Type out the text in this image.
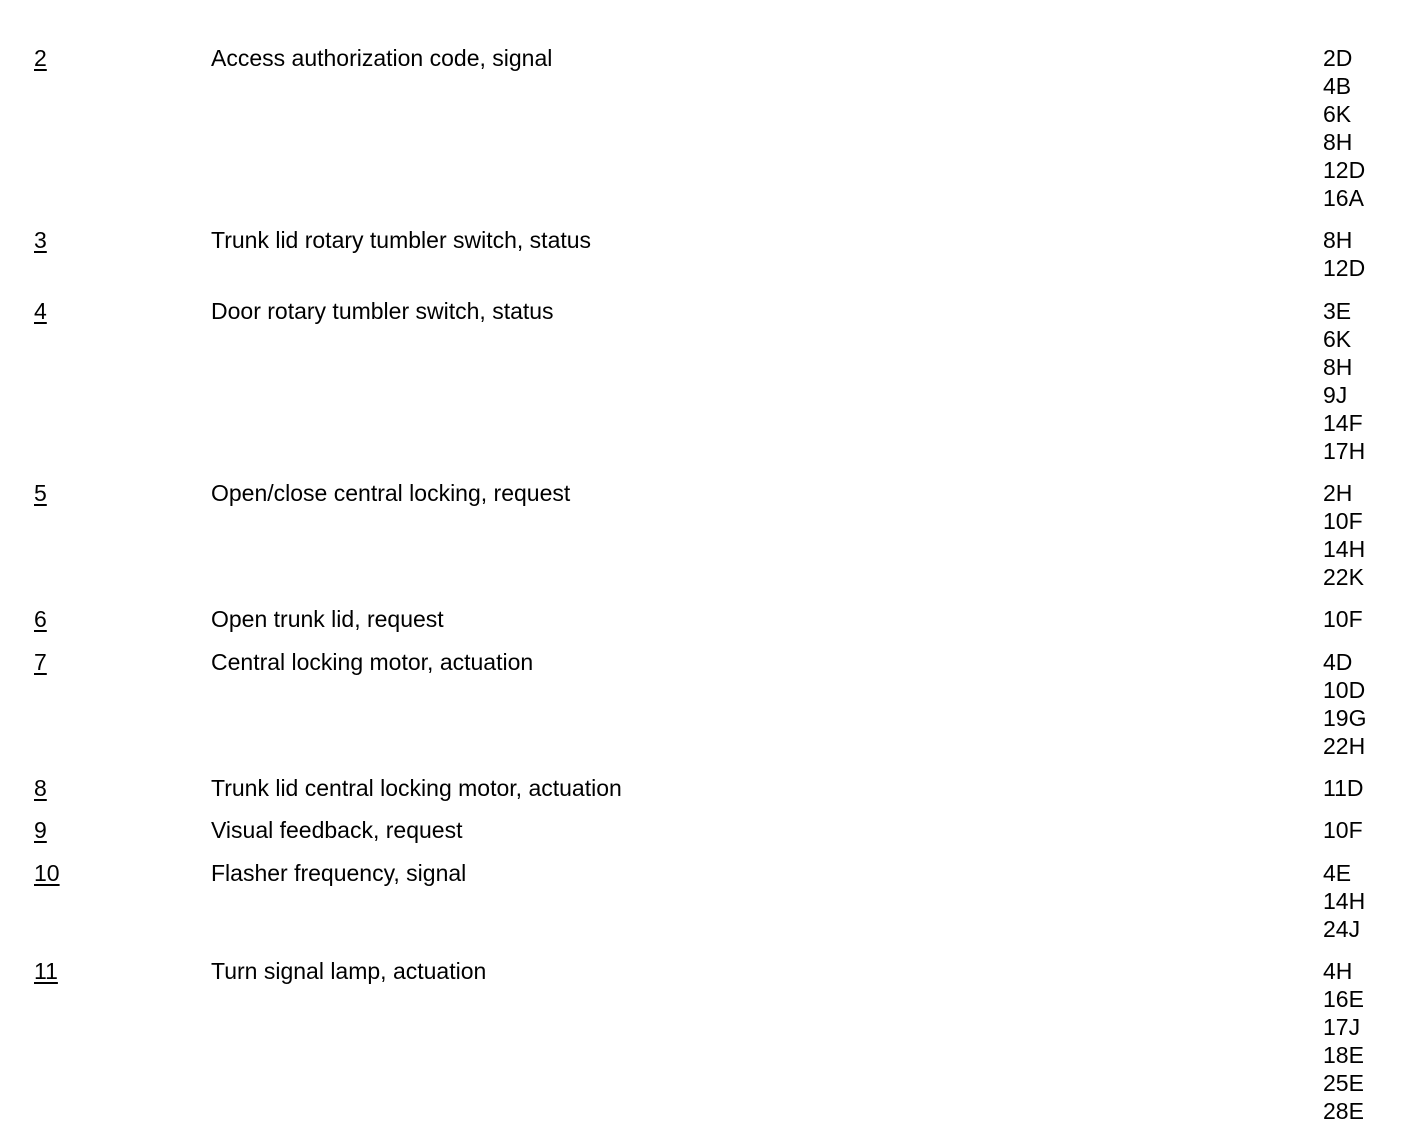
2	Access authorization code, signal	2D
4B
6K
8H
12D
16A
3	Trunk lid rotary tumbler switch, status	8H
12D
4	Door rotary tumbler switch, status	3E
6K
8H
9J
14F
17H
5	Open/close central locking, request	2H
10F
14H
22K
6	Open trunk lid, request	10F
7	Central locking motor, actuation	4D
10D
19G
22H
8	Trunk lid central locking motor, actuation	11D
9	Visual feedback, request	10F
10	Flasher frequency, signal	4E
14H
24J
11	Turn signal lamp, actuation	4H
16E
17J
18E
25E
28E
